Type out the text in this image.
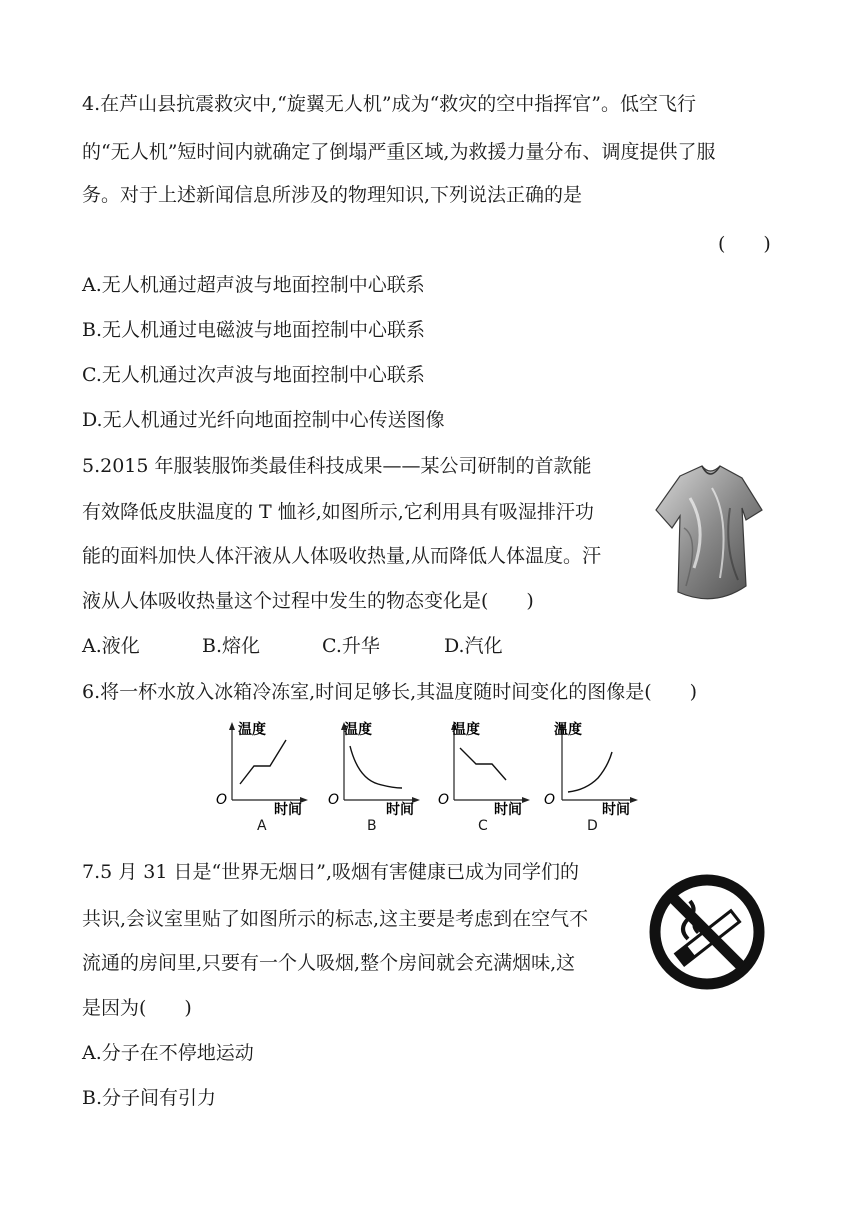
4.在芦山县抗震救灾中,“旋翼无人机”成为“救灾的空中指挥官”。低空飞行
的“无人机”短时间内就确定了倒塌严重区域,为救援力量分布、调度提供了服
务。对于上述新闻信息所涉及的物理知识,下列说法正确的是
(　　)
A.无人机通过超声波与地面控制中心联系
B.无人机通过电磁波与地面控制中心联系
C.无人机通过次声波与地面控制中心联系
D.无人机通过光纤向地面控制中心传送图像
5.2015 年服装服饰类最佳科技成果——某公司研制的首款能
有效降低皮肤温度的 T 恤衫,如图所示,它利用具有吸湿排汗功
能的面料加快人体汗液从人体吸收热量,从而降低人体温度。汗
液从人体吸收热量这个过程中发生的物态变化是(　　)
A.液化	B.熔化	C.升华	D.汽化
6.将一杯水放入冰箱冷冻室,时间足够长,其温度随时间变化的图像是(　　)
温度
O
时间
A
温度
O
时间
B
温度
O
时间
C
温度
O
时间
D
7.5 月 31 日是“世界无烟日”,吸烟有害健康已成为同学们的
共识,会议室里贴了如图所示的标志,这主要是考虑到在空气不
流通的房间里,只要有一个人吸烟,整个房间就会充满烟味,这
是因为(　　)
A.分子在不停地运动
B.分子间有引力
